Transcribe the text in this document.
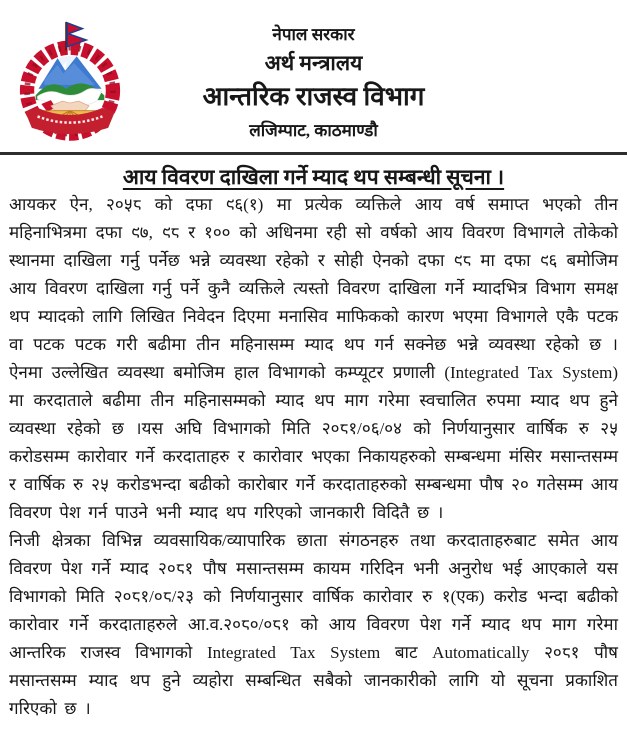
नेपाल सरकार
अर्थ मन्त्रालय
आन्तरिक राजस्व विभाग
लजिम्पाट, काठमाण्डौ
आय विवरण दाखिला गर्ने म्याद थप सम्बन्धी सूचना ।

आयकर ऐन, २०५८ को दफा ९६(१) मा प्रत्येक व्यक्तिले आय वर्ष समाप्त भएको तीन महिनाभित्रमा दफा ९७, ९८ र १०० को अधिनमा रही सो वर्षको आय विवरण विभागले तोकेको स्थानमा दाखिला गर्नु पर्नेछ भन्ने व्यवस्था रहेको र सोही ऐनको दफा ९८ मा दफा ९६ बमोजिम आय विवरण दाखिला गर्नु पर्ने कुनै व्यक्तिले त्यस्तो विवरण दाखिला गर्ने म्यादभित्र विभाग समक्ष थप म्यादको लागि लिखित निवेदन दिएमा मनासिव माफिकको कारण भएमा विभागले एकै पटक वा पटक पटक गरी बढीमा तीन महिनासम्म म्याद थप गर्न सक्नेछ भन्ने व्यवस्था रहेको छ । ऐनमा उल्लेखित व्यवस्था बमोजिम हाल विभागको कम्प्यूटर प्रणाली (Integrated Tax System) मा करदाताले बढीमा तीन महिनासम्मको म्याद थप माग गरेमा स्वचालित रुपमा म्याद थप हुने व्यवस्था रहेको छ ।यस अघि विभागको मिति २०८१/०६/०४ को निर्णयानुसार वार्षिक रु २५ करोडसम्म कारोवार गर्ने करदाताहरु र कारोवार भएका निकायहरुको सम्बन्धमा मंसिर मसान्तसम्म र वार्षिक रु २५ करोडभन्दा बढीको कारोबार गर्ने करदाताहरुको सम्बन्धमा पौष २० गतेसम्म आय विवरण पेश गर्न पाउने भनी म्याद थप गरिएको जानकारी विदितै छ ।

निजी क्षेत्रका विभिन्न व्यवसायिक/व्यापारिक छाता संगठनहरु तथा करदाताहरुबाट समेत आय विवरण पेश गर्ने म्याद २०८१ पौष मसान्तसम्म कायम गरिदिन भनी अनुरोध भई आएकाले यस विभागको मिति २०८१/०८/२३ को निर्णयानुसार वार्षिक कारोवार रु १(एक) करोड भन्दा बढीको कारोवार गर्ने करदाताहरुले आ.व.२०८०/०८१ को आय विवरण पेश गर्ने म्याद थप माग गरेमा आन्तरिक राजस्व विभागको Integrated Tax System बाट Automatically २०८१ पौष मसान्तसम्म म्याद थप हुने व्यहोरा सम्बन्धित सबैको जानकारीको लागि यो सूचना प्रकाशित गरिएको छ ।
